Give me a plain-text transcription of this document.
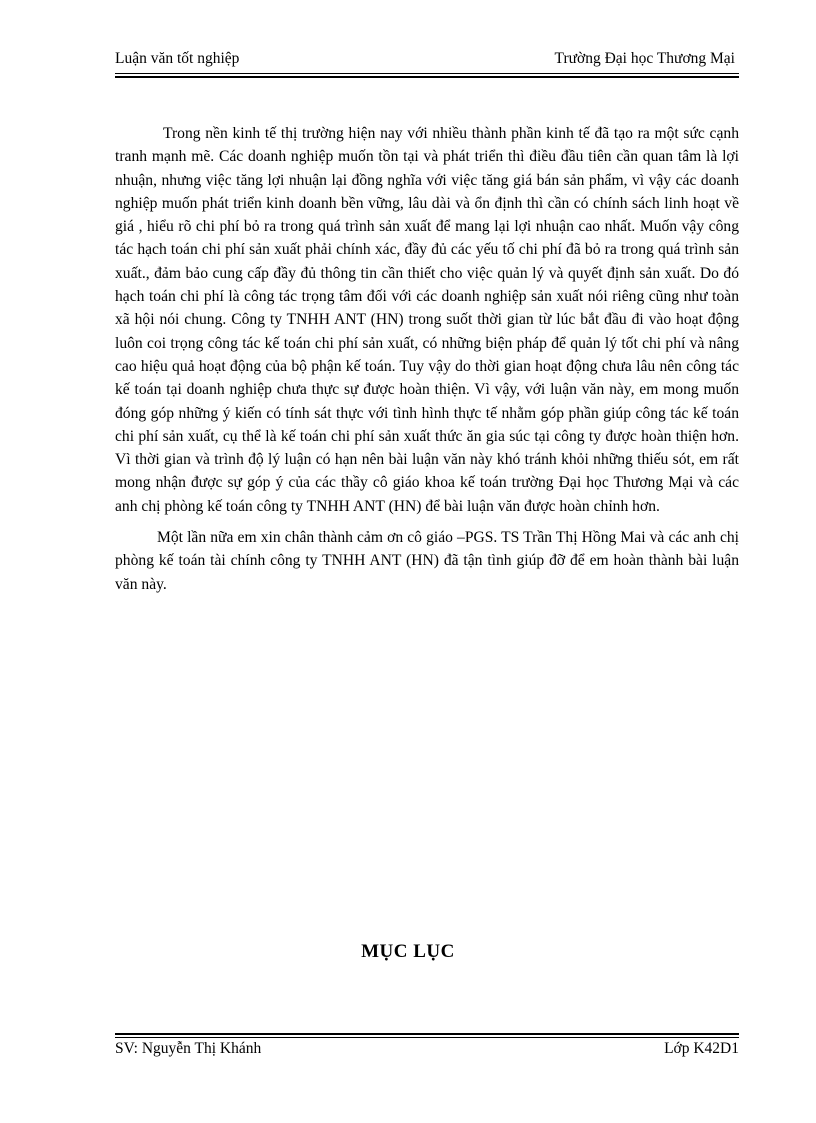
Luận văn tốt nghiệp	Trường Đại học Thương Mại

Trong nền kinh tế thị trường hiện nay với nhiều thành phần kinh tế đã tạo ra một sức cạnh tranh mạnh mẽ. Các doanh nghiệp muốn tồn tại và phát triển thì điều đầu tiên cần quan tâm là lợi nhuận, nhưng việc tăng lợi nhuận lại đồng nghĩa với việc tăng giá bán sản phẩm, vì vậy các doanh nghiệp muốn phát triển kinh doanh bền vững, lâu dài và ổn định thì cần có chính sách linh hoạt về giá , hiểu rõ chi phí bỏ ra trong quá trình sản xuất để mang lại lợi nhuận cao nhất. Muốn vậy công tác hạch toán chi phí sản xuất phải chính xác, đầy đủ các yếu tố chi phí đã bỏ ra trong quá trình sản xuất., đảm bảo cung cấp đầy đủ thông tin cần thiết cho việc quản lý và quyết định sản xuất. Do đó hạch toán chi phí là công tác trọng tâm đối với các doanh nghiệp sản xuất nói riêng cũng như toàn xã hội nói chung. Công ty TNHH ANT (HN) trong suốt thời gian từ lúc bắt đầu đi vào hoạt động luôn coi trọng công tác kế toán chi phí sản xuất, có những biện pháp để quản lý tốt chi phí và nâng cao hiệu quả hoạt động của bộ phận kế toán. Tuy vậy do thời gian hoạt động chưa lâu nên công tác kế toán tại doanh nghiệp chưa thực sự được hoàn thiện. Vì vậy, với luận văn này, em mong muốn đóng góp những ý kiến có tính sát thực với tình hình thực tế nhằm góp phần giúp công tác kế toán chi phí sản xuất, cụ thể là kế toán chi phí sản xuất thức ăn gia súc tại công ty được hoàn thiện hơn. Vì thời gian và trình độ lý luận có hạn nên bài luận văn này khó tránh khỏi những thiếu sót, em rất mong nhận được sự góp ý của các thầy cô giáo khoa kế toán trường Đại học Thương Mại và các anh chị phòng kế toán công ty TNHH ANT (HN) để bài luận văn được hoàn chỉnh hơn.

Một lần nữa em xin chân thành cảm ơn cô giáo –PGS. TS Trần Thị Hồng Mai và các anh chị phòng kế toán tài chính công ty TNHH ANT (HN) đã tận tình giúp đỡ để em hoàn thành bài luận văn này.

MỤC LỤC
SV: Nguyễn Thị Khánh	Lớp K42D1
